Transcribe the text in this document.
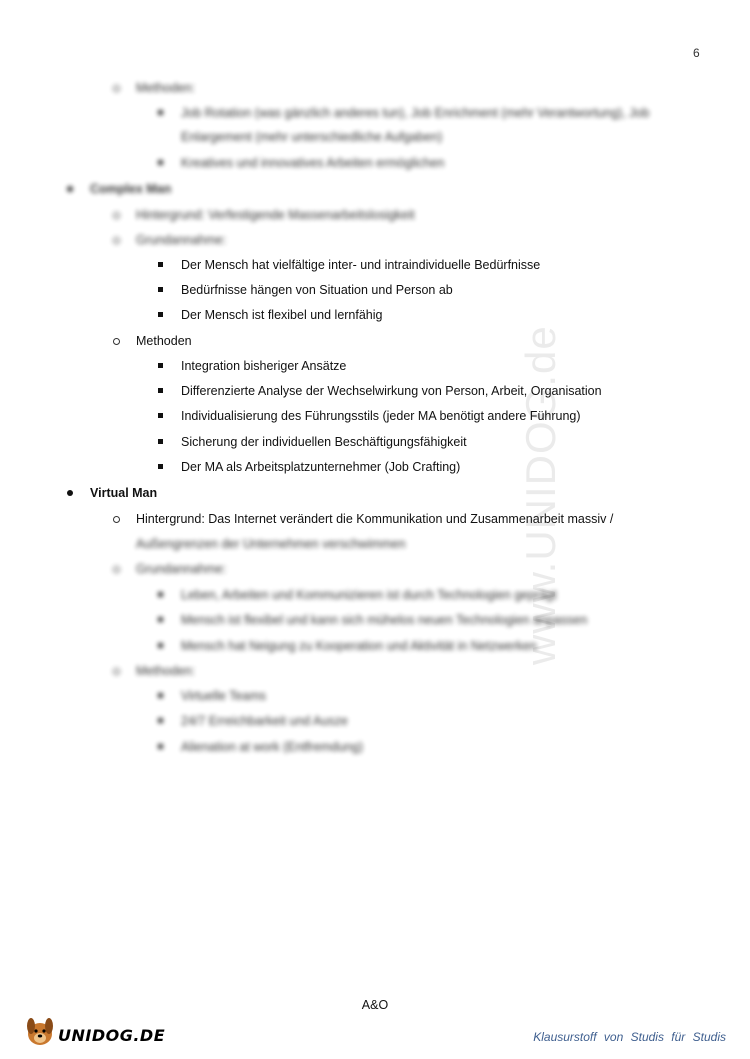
6
www.UNIDOG.de
Methoden:
Job Rotation (was gänzlich anderes tun), Job Enrichment (mehr Verantwortung), Job
Enlargement (mehr unterschiedliche Aufgaben)
Kreatives und innovatives Arbeiten ermöglichen
Complex Man
Hintergrund: Verfestigende Massenarbeitslosigkeit
Grundannahme:
Der Mensch hat vielfältige inter- und intraindividuelle Bedürfnisse
Bedürfnisse hängen von Situation und Person ab
Der Mensch ist flexibel und lernfähig
Methoden
Integration bisheriger Ansätze
Differenzierte Analyse der Wechselwirkung von Person, Arbeit, Organisation
Individualisierung des Führungsstils (jeder MA benötigt andere Führung)
Sicherung der individuellen Beschäftigungsfähigkeit
Der MA als Arbeitsplatzunternehmer (Job Crafting)
Virtual Man
Hintergrund: Das Internet verändert die Kommunikation und Zusammenarbeit massiv /
Außengrenzen der Unternehmen verschwimmen
Grundannahme:
Leben, Arbeiten und Kommunizieren ist durch Technologien geprägt
Mensch ist flexibel und kann sich mühelos neuen Technologien anpassen
Mensch hat Neigung zu Kooperation und Aktivität in Netzwerken
Methoden:
Virtuelle Teams
24/7 Erreichbarkeit und Ausze
Alienation at work (Entfremdung)
A&O
UNIDOG.DE	Klausurstoff von Studis für Studis
